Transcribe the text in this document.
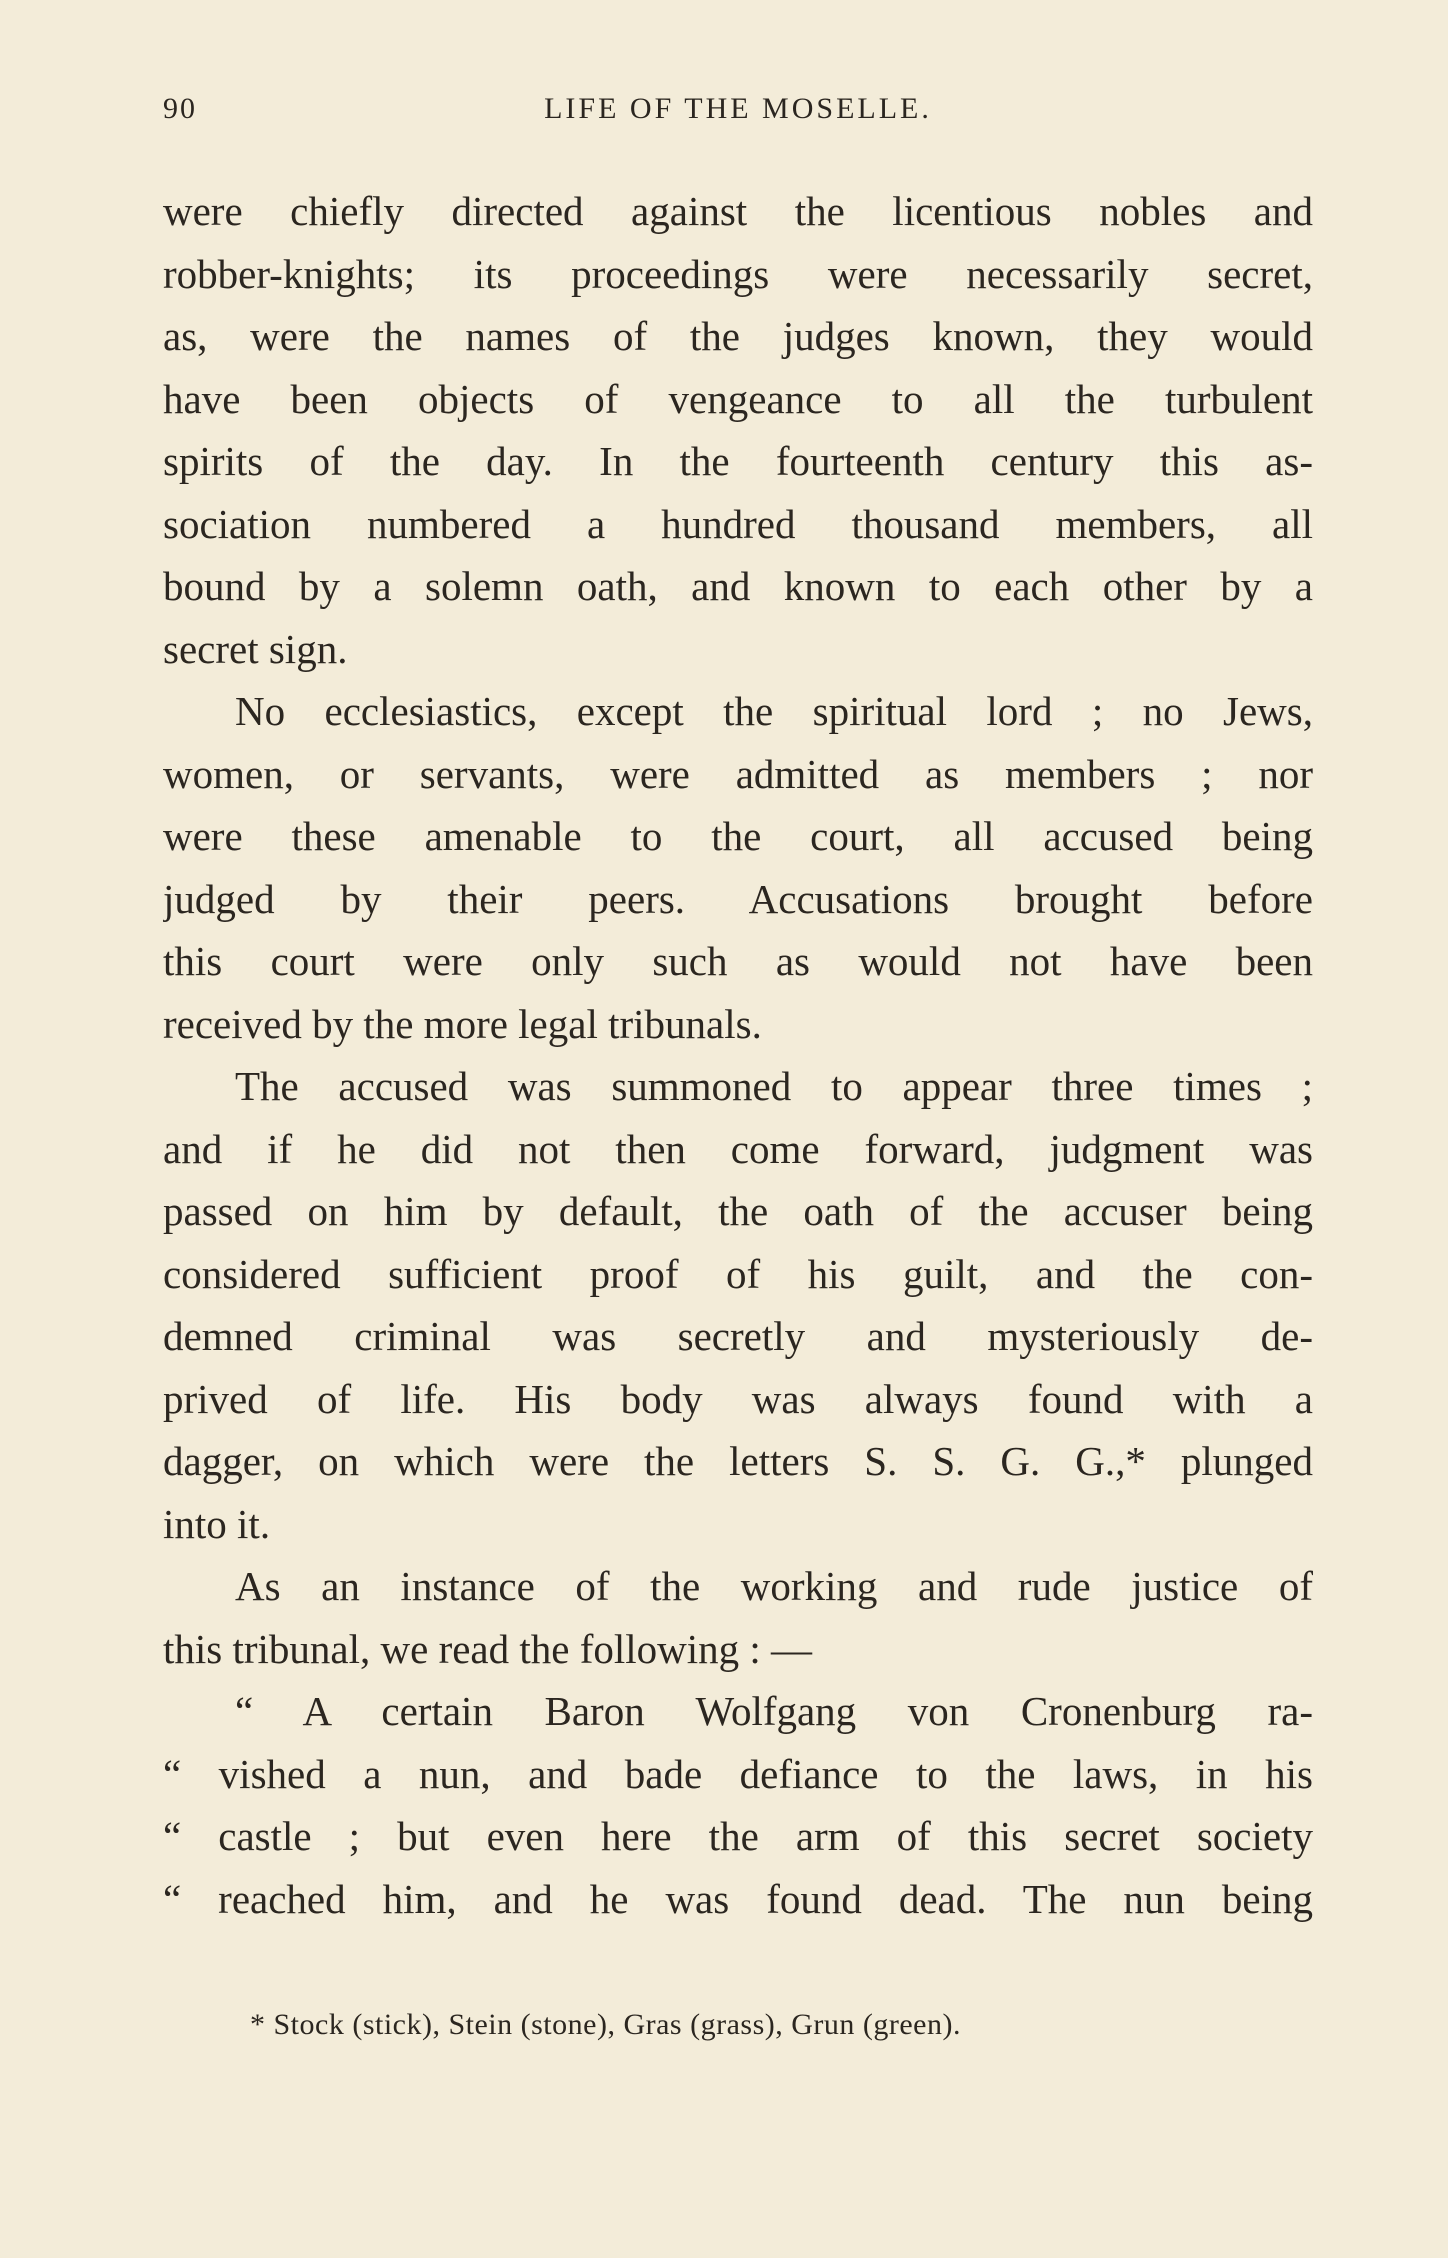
90	LIFE OF THE MOSELLE.
were chiefly directed against the licentious nobles and
robber-knights; its proceedings were necessarily secret,
as, were the names of the judges known, they would
have been objects of vengeance to all the turbulent
spirits of the day. In the fourteenth century this as-
sociation numbered a hundred thousand members, all
bound by a solemn oath, and known to each other by a
secret sign.
No ecclesiastics, except the spiritual lord ; no Jews,
women, or servants, were admitted as members ; nor
were these amenable to the court, all accused being
judged by their peers. Accusations brought before
this court were only such as would not have been
received by the more legal tribunals.
The accused was summoned to appear three times ;
and if he did not then come forward, judgment was
passed on him by default, the oath of the accuser being
considered sufficient proof of his guilt, and the con-
demned criminal was secretly and mysteriously de-
prived of life. His body was always found with a
dagger, on which were the letters S. S. G. G.,* plunged
into it.
As an instance of the working and rude justice of
this tribunal, we read the following : —
“ A certain Baron Wolfgang von Cronenburg ra-
“ vished a nun, and bade defiance to the laws, in his
“ castle ; but even here the arm of this secret society
“ reached him, and he was found dead. The nun being
* Stock (stick), Stein (stone), Gras (grass), Grun (green).
